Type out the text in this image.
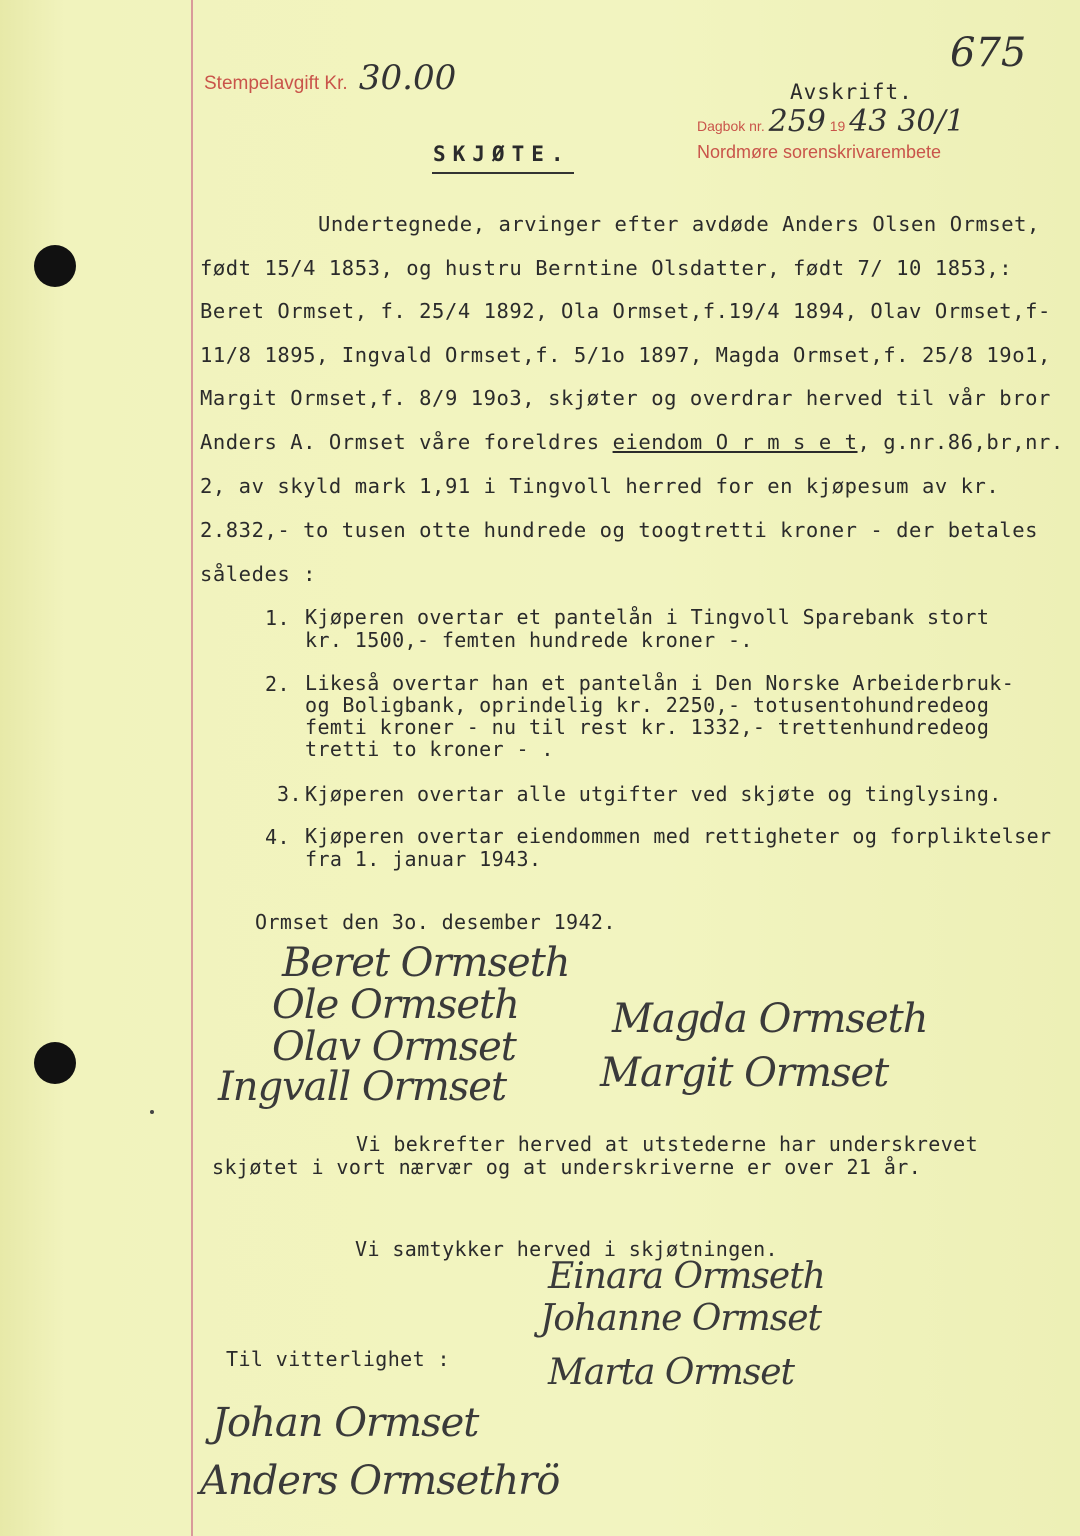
Stempelavgift Kr. 30.00	Avskrift.
675
Dagbok nr. 259 19 43 30/1
Nordmøre sorenskrivarembete
SKJØTE.
Undertegnede, arvinger efter avdøde Anders Olsen Ormset,
født 15/4 1853, og hustru Berntine Olsdatter, født 7/ 10 1853,:
Beret Ormset, f. 25/4 1892, Ola Ormset,f.19/4 1894, Olav Ormset,f-
11/8 1895, Ingvald Ormset,f. 5/1o 1897, Magda Ormset,f. 25/8 19o1,
Margit Ormset,f. 8/9 19o3, skjøter og overdrar herved til vår bror
Anders A. Ormset våre foreldres eiendom O r m s e t, g.nr.86,br,nr.
2, av skyld mark 1,91 i Tingvoll herred for en kjøpesum av kr.
2.832,- to tusen otte hundrede og toogtretti kroner - der betales
således :
1. Kjøperen overtar et pantelån i Tingvoll Sparebank stort
kr. 1500,- femten hundrede kroner -.
2. Likeså overtar han et pantelån i Den Norske Arbeiderbruk-
og Boligbank, oprindelig kr. 2250,- totusentohundredeog
femti kroner - nu til rest kr. 1332,- trettenhundredeog
tretti to kroner - .
3. Kjøperen overtar alle utgifter ved skjøte og tinglysing.
4. Kjøperen overtar eiendommen med rettigheter og forpliktelser
fra 1. januar 1943.
Ormset den 3o. desember 1942.
Beret Ormseth
Ole Ormseth
Olav Ormset
Ingvall Ormset
Magda Ormseth
Margit Ormset
Vi bekrefter herved at utstederne har underskrevet
skjøtet i vort nærvær og at underskriverne er over 21 år.
Vi samtykker herved i skjøtningen.
Einara Ormseth
Johanne Ormset
Marta Ormset
Til vitterlighet :
Johan Ormset
Anders Ormsethrö
